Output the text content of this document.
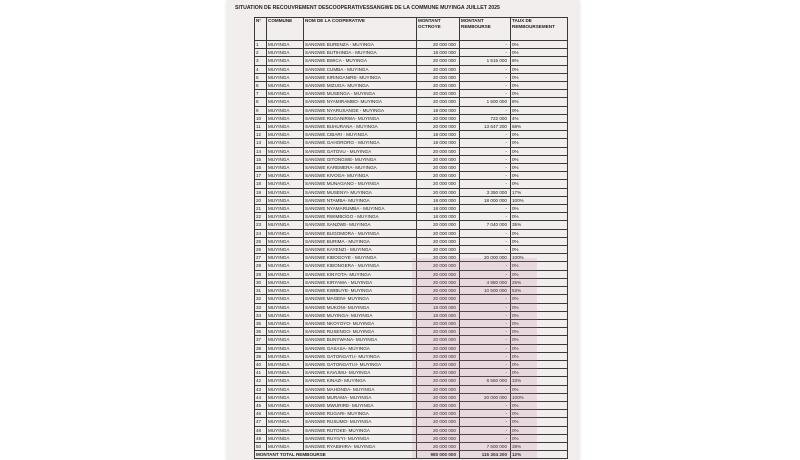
SITUATION DE RECOUVREMENT DESCOOPERATIVESSANGWE DE LA COMMUNE MUYINGA JUILLET 2025
N°	COMMUNE	NOM DE LA COOPERATIVE	MONTANT OCTROYE	MONTANT REMBOURSE	TAUX DE REMBOURSEMENT
1	MUYINGA	SANGWE BURENZA - MUYINGA	20 000 000	-	0%
2	MUYINGA	SANGWE BUTIHINDA - MUYINGA	18 000 000	-	0%
3	MUYINGA	SANGWE BWICA - MUYINGA	20 000 000	1 515 000	8%
4	MUYINGA	SANGWE CUMBA - MUYINGA	20 000 000	-	0%
5	MUYINGA	SANGWE KIRINGANIRE- MUYINGA	20 000 000	-	0%
6	MUYINGA	SANGWE MIZUGA- MUYINGA	20 000 000	-	0%
7	MUYINGA	SANGWE MUSENGA - MUYINGA	20 000 000	-	0%
8	MUYINGA	SANGWE NYAMIRAMBO- MUYINGA	20 000 000	1 500 000	8%
9	MUYINGA	SANGWE NYARUSANGE - MUYINGA	18 000 000	-	0%
10	MUYINGA	SANGWE RUGANIRWA- MUYINGA	20 000 000	722 000	4%
11	MUYINGA	SANGWE BUHURANA - MUYINGA	20 000 000	13 647 200	68%
12	MUYINGA	SANGWE CIBARI - MUYINGA	18 000 000	-	0%
13	MUYINGA	SANGWE GAHORORO - MUYINGA	18 000 000	-	0%
14	MUYINGA	SANGWE GATOVU - MUYINGA	20 000 000	-	0%
15	MUYINGA	SANGWE GITONGWE- MUYINGA	20 000 000	-	0%
16	MUYINGA	SANGWE KAREMERA- MUYINGA	20 000 000	-	0%
17	MUYINGA	SANGWE KIVOGA- MUYINGA	20 000 000	-	0%
18	MUYINGA	SANGWE MUNAGANO - MUYINGA	20 000 000	-	0%
19	MUYINGA	SANGWE MUSENYI- MUYINGA	20 000 000	3 350 000	17%
20	MUYINGA	SANGWE NTAMBA- MUYINGA	18 000 000	18 000 000	100%
21	MUYINGA	SANGWE NYAMARUMBA - MUYINGA	18 000 000	-	0%
22	MUYINGA	SANGWE RWIMBOGO - MUYINGA	18 000 000	-	0%
23	MUYINGA	SANGWE SANZWE- MUYINGA	20 000 000	7 040 000	35%
24	MUYINGA	SANGWE BUGOMORA - MUYINGA	20 000 000	-	0%
25	MUYINGA	SANGWE BURIMA - MUYINGA	20 000 000	-	0%
26	MUYINGA	SANGWE KAYENZI - MUYINGA	20 000 000	-	0%
27	MUYINGA	SANGWE KIBOGOYE - MUYINGA	20 000 000	20 000 000	100%
28	MUYINGA	SANGWE KIBONGERA - MUYINGA	20 000 000	-	0%
29	MUYINGA	SANGWE KINYOTA- MUYINGA	20 000 000	-	0%
30	MUYINGA	SANGWE KIRYAMA - MUYINGA	20 000 000	4 980 000	25%
31	MUYINGA	SANGWE KWIBUYE- MUYINGA	20 000 000	10 500 000	53%
32	MUYINGA	SANGWE MAGENI- MUYINGA	20 000 000	-	0%
33	MUYINGA	SANGWE MUKONI- MUYINGA	18 000 000	-	0%
34	MUYINGA	SANGWE MUYINGA- MUYINGA	18 000 000	-	0%
35	MUYINGA	SANGWE NKOYOYO- MUYINGA	20 000 000	-	0%
36	MUYINGA	SANGWE RUSENGO- MUYINGA	20 000 000	-	0%
37	MUYINGA	SANGWE BUNYWANA- MUYINGA	20 000 000	-	0%
38	MUYINGA	SANGWE GASASA- MUYINGA	20 000 000	-	0%
39	MUYINGA	SANGWE GATONGATI.I- MUYINGA	20 000 000	-	0%
40	MUYINGA	SANGWE GATONGATI.II- MUYINGA	20 000 000	-	0%
41	MUYINGA	SANGWE KAVUMU- MUYINGA	20 000 000	-	0%
42	MUYINGA	SANGWE KINAZI- MUYINGA	20 000 000	6 550 000	33%
43	MUYINGA	SANGWE MAHONDA- MUYINGA	20 000 000	-	0%
44	MUYINGA	SANGWE MURAMA- MUYINGA	20 000 000	20 000 000	100%
45	MUYINGA	SANGWE MWURIRE- MUYINGA	20 000 000	-	0%
46	MUYINGA	SANGWE RUGARI- MUYINGA	20 000 000	-	0%
47	MUYINGA	SANGWE RUSUMO- MUYINGA	20 000 000	-	0%
48	MUYINGA	SANGWE RUTOKE- MUYINGA	20 000 000	-	0%
49	MUYINGA	SANGWE RUYIVYI- MUYINGA	20 000 000	-	0%
50	MUYINGA	SANGWE RYABIHIRA- MUYINGA	20 000 000	7 500 000	38%
MONTANT TOTAL REMBOURSE			980 000 000	115 304 200	12%
